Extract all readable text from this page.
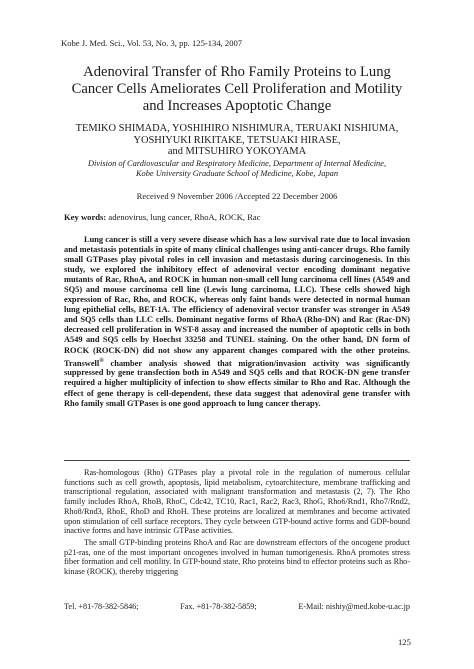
Kobe J. Med. Sci., Vol. 53, No. 3, pp. 125-134, 2007
Adenoviral Transfer of Rho Family Proteins to Lung
Cancer Cells Ameliorates Cell Proliferation and Motility
and Increases Apoptotic Change
TEMIKO SHIMADA, YOSHIHIRO NISHIMURA, TERUAKI NISHIUMA,
YOSHIYUKI RIKITAKE, TETSUAKI HIRASE,
and MITSUHIRO YOKOYAMA
Division of Cardiovascular and Respiratory Medicine, Department of Internal Medicine,
Kobe University Graduate School of Medicine, Kobe, Japan
Received 9 November 2006 /Accepted 22 December 2006
Key words: adenovirus, lung cancer, RhoA, ROCK, Rac

Lung cancer is still a very severe disease which has a low survival rate due to local invasion and metastasis potentials in spite of many clinical challenges using anti-cancer drugs. Rho family small GTPases play pivotal roles in cell invasion and metastasis during carcinogenesis. In this study, we explored the inhibitory effect of adenoviral vector encoding dominant negative mutants of Rac, RhoA, and ROCK in human non-small cell lung carcinoma cell lines (A549 and SQ5) and mouse carcinoma cell line (Lewis lung carcinoma, LLC). These cells showed high expression of Rac, Rho, and ROCK, whereas only faint bands were detected in normal human lung epithelial cells, BET-1A. The efficiency of adenoviral vector transfer was stronger in A549 and SQ5 cells than LLC cells. Dominant negative forms of RhoA (Rho-DN) and Rac (Rac-DN) decreased cell proliferation in WST-8 assay and increased the number of apoptotic cells in both A549 and SQ5 cells by Hoechst 33258 and TUNEL staining. On the other hand, DN form of ROCK (ROCK-DN) did not show any apparent changes compared with the other proteins. Transwell® chamber analysis showed that migration/invasion activity was significantly suppressed by gene transfection both in A549 and SQ5 cells and that ROCK-DN gene transfer required a higher multiplicity of infection to show effects similar to Rho and Rac. Although the effect of gene therapy is cell-dependent, these data suggest that adenoviral gene transfer with Rho family small GTPases is one good approach to lung cancer therapy.

Ras-homologous (Rho) GTPases play a pivotal role in the regulation of numerous cellular functions such as cell growth, apoptosis, lipid metabolism, cytoarchitecture, membrane trafficking and transcriptional regulation, associated with malignant transformation and metastasis (2, 7). The Rho family includes RhoA, RhoB, RhoC, Cdc42, TC10, Rac1, Rac2, Rac3, RhoG, Rho6/Rnd1, Rho7/Rnd2, Rho8/Rnd3, RhoE, RhoD and RhoH. These proteins are localized at membranes and become activated upon stimulation of cell surface receptors. They cycle between GTP-bound active forms and GDP-bound inactive forms and have intrinsic GTPase activities.

The small GTP-binding proteins RhoA and Rac are downstream effectors of the oncogene product p21-ras, one of the most important oncogenes involved in human tumorigenesis. RhoA promotes stress fiber formation and cell motility. In GTP-bound state, Rho proteins bind to effector proteins such as Rho-kinase (ROCK), thereby triggering

Tel. +81-78-382-5846;	Fax. +81-78-382-5859;	E-Mail: nishiy@med.kobe-u.ac.jp
125
